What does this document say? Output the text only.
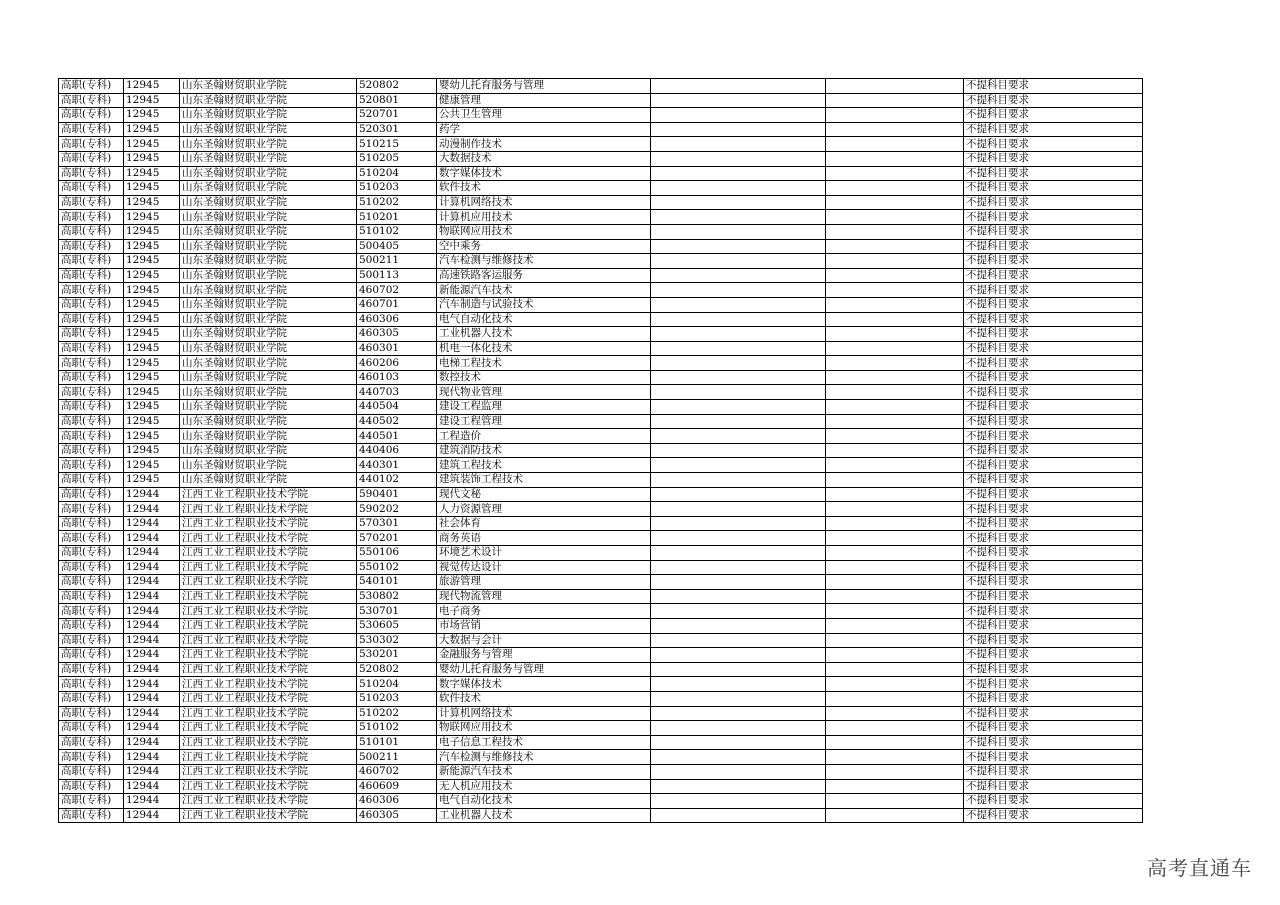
高职(专科)	12945	山东圣翰财贸职业学院	520802	婴幼儿托育服务与管理			不提科目要求
高职(专科)	12945	山东圣翰财贸职业学院	520801	健康管理			不提科目要求
高职(专科)	12945	山东圣翰财贸职业学院	520701	公共卫生管理			不提科目要求
高职(专科)	12945	山东圣翰财贸职业学院	520301	药学			不提科目要求
高职(专科)	12945	山东圣翰财贸职业学院	510215	动漫制作技术			不提科目要求
高职(专科)	12945	山东圣翰财贸职业学院	510205	大数据技术			不提科目要求
高职(专科)	12945	山东圣翰财贸职业学院	510204	数字媒体技术			不提科目要求
高职(专科)	12945	山东圣翰财贸职业学院	510203	软件技术			不提科目要求
高职(专科)	12945	山东圣翰财贸职业学院	510202	计算机网络技术			不提科目要求
高职(专科)	12945	山东圣翰财贸职业学院	510201	计算机应用技术			不提科目要求
高职(专科)	12945	山东圣翰财贸职业学院	510102	物联网应用技术			不提科目要求
高职(专科)	12945	山东圣翰财贸职业学院	500405	空中乘务			不提科目要求
高职(专科)	12945	山东圣翰财贸职业学院	500211	汽车检测与维修技术			不提科目要求
高职(专科)	12945	山东圣翰财贸职业学院	500113	高速铁路客运服务			不提科目要求
高职(专科)	12945	山东圣翰财贸职业学院	460702	新能源汽车技术			不提科目要求
高职(专科)	12945	山东圣翰财贸职业学院	460701	汽车制造与试验技术			不提科目要求
高职(专科)	12945	山东圣翰财贸职业学院	460306	电气自动化技术			不提科目要求
高职(专科)	12945	山东圣翰财贸职业学院	460305	工业机器人技术			不提科目要求
高职(专科)	12945	山东圣翰财贸职业学院	460301	机电一体化技术			不提科目要求
高职(专科)	12945	山东圣翰财贸职业学院	460206	电梯工程技术			不提科目要求
高职(专科)	12945	山东圣翰财贸职业学院	460103	数控技术			不提科目要求
高职(专科)	12945	山东圣翰财贸职业学院	440703	现代物业管理			不提科目要求
高职(专科)	12945	山东圣翰财贸职业学院	440504	建设工程监理			不提科目要求
高职(专科)	12945	山东圣翰财贸职业学院	440502	建设工程管理			不提科目要求
高职(专科)	12945	山东圣翰财贸职业学院	440501	工程造价			不提科目要求
高职(专科)	12945	山东圣翰财贸职业学院	440406	建筑消防技术			不提科目要求
高职(专科)	12945	山东圣翰财贸职业学院	440301	建筑工程技术			不提科目要求
高职(专科)	12945	山东圣翰财贸职业学院	440102	建筑装饰工程技术			不提科目要求
高职(专科)	12944	江西工业工程职业技术学院	590401	现代文秘			不提科目要求
高职(专科)	12944	江西工业工程职业技术学院	590202	人力资源管理			不提科目要求
高职(专科)	12944	江西工业工程职业技术学院	570301	社会体育			不提科目要求
高职(专科)	12944	江西工业工程职业技术学院	570201	商务英语			不提科目要求
高职(专科)	12944	江西工业工程职业技术学院	550106	环境艺术设计			不提科目要求
高职(专科)	12944	江西工业工程职业技术学院	550102	视觉传达设计			不提科目要求
高职(专科)	12944	江西工业工程职业技术学院	540101	旅游管理			不提科目要求
高职(专科)	12944	江西工业工程职业技术学院	530802	现代物流管理			不提科目要求
高职(专科)	12944	江西工业工程职业技术学院	530701	电子商务			不提科目要求
高职(专科)	12944	江西工业工程职业技术学院	530605	市场营销			不提科目要求
高职(专科)	12944	江西工业工程职业技术学院	530302	大数据与会计			不提科目要求
高职(专科)	12944	江西工业工程职业技术学院	530201	金融服务与管理			不提科目要求
高职(专科)	12944	江西工业工程职业技术学院	520802	婴幼儿托育服务与管理			不提科目要求
高职(专科)	12944	江西工业工程职业技术学院	510204	数字媒体技术			不提科目要求
高职(专科)	12944	江西工业工程职业技术学院	510203	软件技术			不提科目要求
高职(专科)	12944	江西工业工程职业技术学院	510202	计算机网络技术			不提科目要求
高职(专科)	12944	江西工业工程职业技术学院	510102	物联网应用技术			不提科目要求
高职(专科)	12944	江西工业工程职业技术学院	510101	电子信息工程技术			不提科目要求
高职(专科)	12944	江西工业工程职业技术学院	500211	汽车检测与维修技术			不提科目要求
高职(专科)	12944	江西工业工程职业技术学院	460702	新能源汽车技术			不提科目要求
高职(专科)	12944	江西工业工程职业技术学院	460609	无人机应用技术			不提科目要求
高职(专科)	12944	江西工业工程职业技术学院	460306	电气自动化技术			不提科目要求
高职(专科)	12944	江西工业工程职业技术学院	460305	工业机器人技术			不提科目要求
高考直通车
